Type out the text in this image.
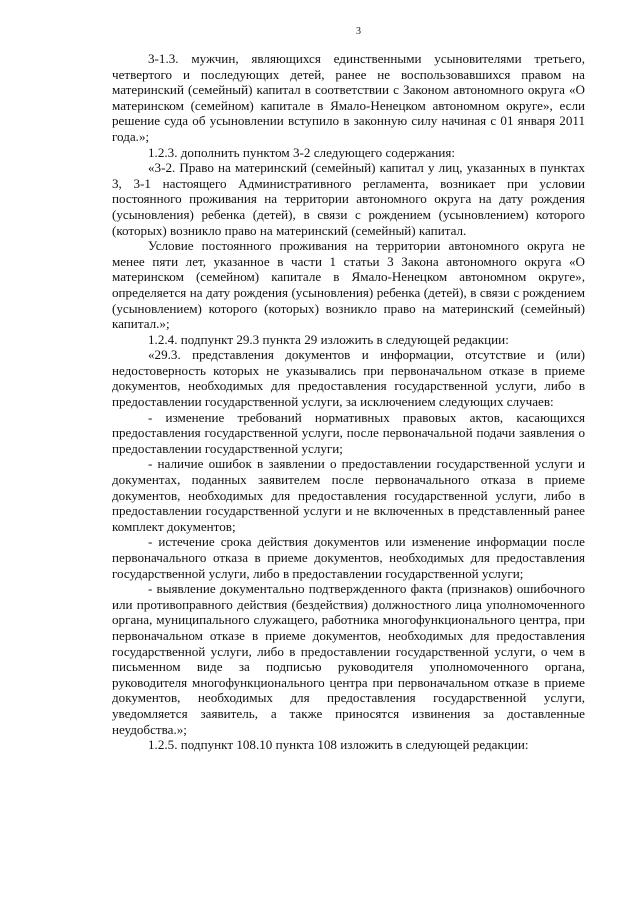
3

3-1.3. мужчин, являющихся единственными усыновителями третьего, четвертого и последующих детей, ранее не воспользовавшихся правом на материнский (семейный) капитал в соответствии с Законом автономного округа «О материнском (семейном) капитале в Ямало-Ненецком автономном округе», если решение суда об усыновлении вступило в законную силу начиная с 01 января 2011 года.»;

1.2.3. дополнить пунктом 3-2 следующего содержания:

«3-2. Право на материнский (семейный) капитал у лиц, указанных в пунктах 3, 3-1 настоящего Административного регламента, возникает при условии постоянного проживания на территории автономного округа на дату рождения (усыновления) ребенка (детей), в связи с рождением (усыновлением) которого (которых) возникло право на материнский (семейный) капитал.

Условие постоянного проживания на территории автономного округа не менее пяти лет, указанное в части 1 статьи 3 Закона автономного округа «О материнском (семейном) капитале в Ямало-Ненецком автономном округе», определяется на дату рождения (усыновления) ребенка (детей), в связи с рождением (усыновлением) которого (которых) возникло право на материнский (семейный) капитал.»;

1.2.4. подпункт 29.3 пункта 29 изложить в следующей редакции:

«29.3. представления документов и информации, отсутствие и (или) недостоверность которых не указывались при первоначальном отказе в приеме документов, необходимых для предоставления государственной услуги, либо в предоставлении государственной услуги, за исключением следующих случаев:

- изменение требований нормативных правовых актов, касающихся предоставления государственной услуги, после первоначальной подачи заявления о предоставлении государственной услуги;

- наличие ошибок в заявлении о предоставлении государственной услуги и документах, поданных заявителем после первоначального отказа в приеме документов, необходимых для предоставления государственной услуги, либо в предоставлении государственной услуги и не включенных в представленный ранее комплект документов;

- истечение срока действия документов или изменение информации после первоначального отказа в приеме документов, необходимых для предоставления государственной услуги, либо в предоставлении государственной услуги;

- выявление документально подтвержденного факта (признаков) ошибочного или противоправного действия (бездействия) должностного лица уполномоченного органа, муниципального служащего, работника многофункционального центра, при первоначальном отказе в приеме документов, необходимых для предоставления государственной услуги, либо в предоставлении государственной услуги, о чем в письменном виде за подписью руководителя уполномоченного органа, руководителя многофункционального центра при первоначальном отказе в приеме документов, необходимых для предоставления государственной услуги, уведомляется заявитель, а также приносятся извинения за доставленные неудобства.»;

1.2.5. подпункт 108.10 пункта 108 изложить в следующей редакции:
